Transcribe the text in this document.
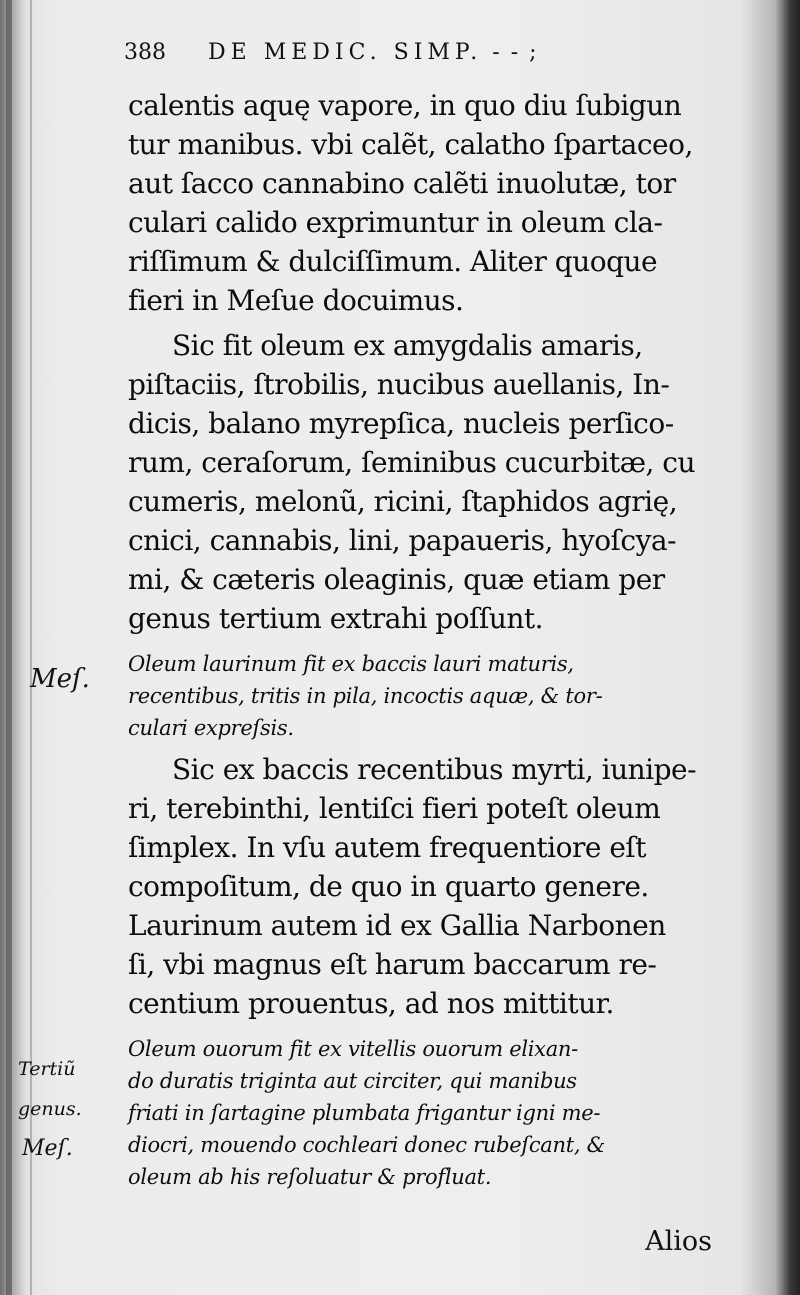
388 DE MEDIC. SIMP. - - ;
calentis aquę vapore, in quo diu ſubigun
tur manibus. vbi calẽt, calatho ſpartaceo,
aut ſacco cannabino calẽti inuolutæ, tor
culari calido exprimuntur in oleum cla-
riſſimum & dulciſſimum. Aliter quoque
fieri in Meſue docuimus.
Sic fit oleum ex amygdalis amaris,
piſtaciis, ſtrobilis, nucibus auellanis, In-
dicis, balano myrepſica, nucleis perſico-
rum, ceraſorum, ſeminibus cucurbitæ, cu
cumeris, melonũ, ricini, ſtaphidos agrię,
cnici, cannabis, lini, papaueris, hyoſcya-
mi, & cæteris oleaginis, quæ etiam per
genus tertium extrahi poſſunt.
Oleum laurinum fit ex baccis lauri maturis,
recentibus, tritis in pila, incoctis aquæ, & tor-
culari expreſsis.
Sic ex baccis recentibus myrti, iunipe-
ri, terebinthi, lentiſci fieri poteſt oleum
ſimplex. In vſu autem frequentiore eſt
compoſitum, de quo in quarto genere.
Laurinum autem id ex Gallia Narbonen
ſi, vbi magnus eſt harum baccarum re-
centium prouentus, ad nos mittitur.
Oleum ouorum fit ex vitellis ouorum elixan-
do duratis triginta aut circiter, qui manibus
friati in ſartagine plumbata frigantur igni me-
diocri, mouendo cochleari donec rubeſcant, &
oleum ab his reſoluatur & profluat.
Meſ.
Tertiũ
genus.
Meſ.
Alios
